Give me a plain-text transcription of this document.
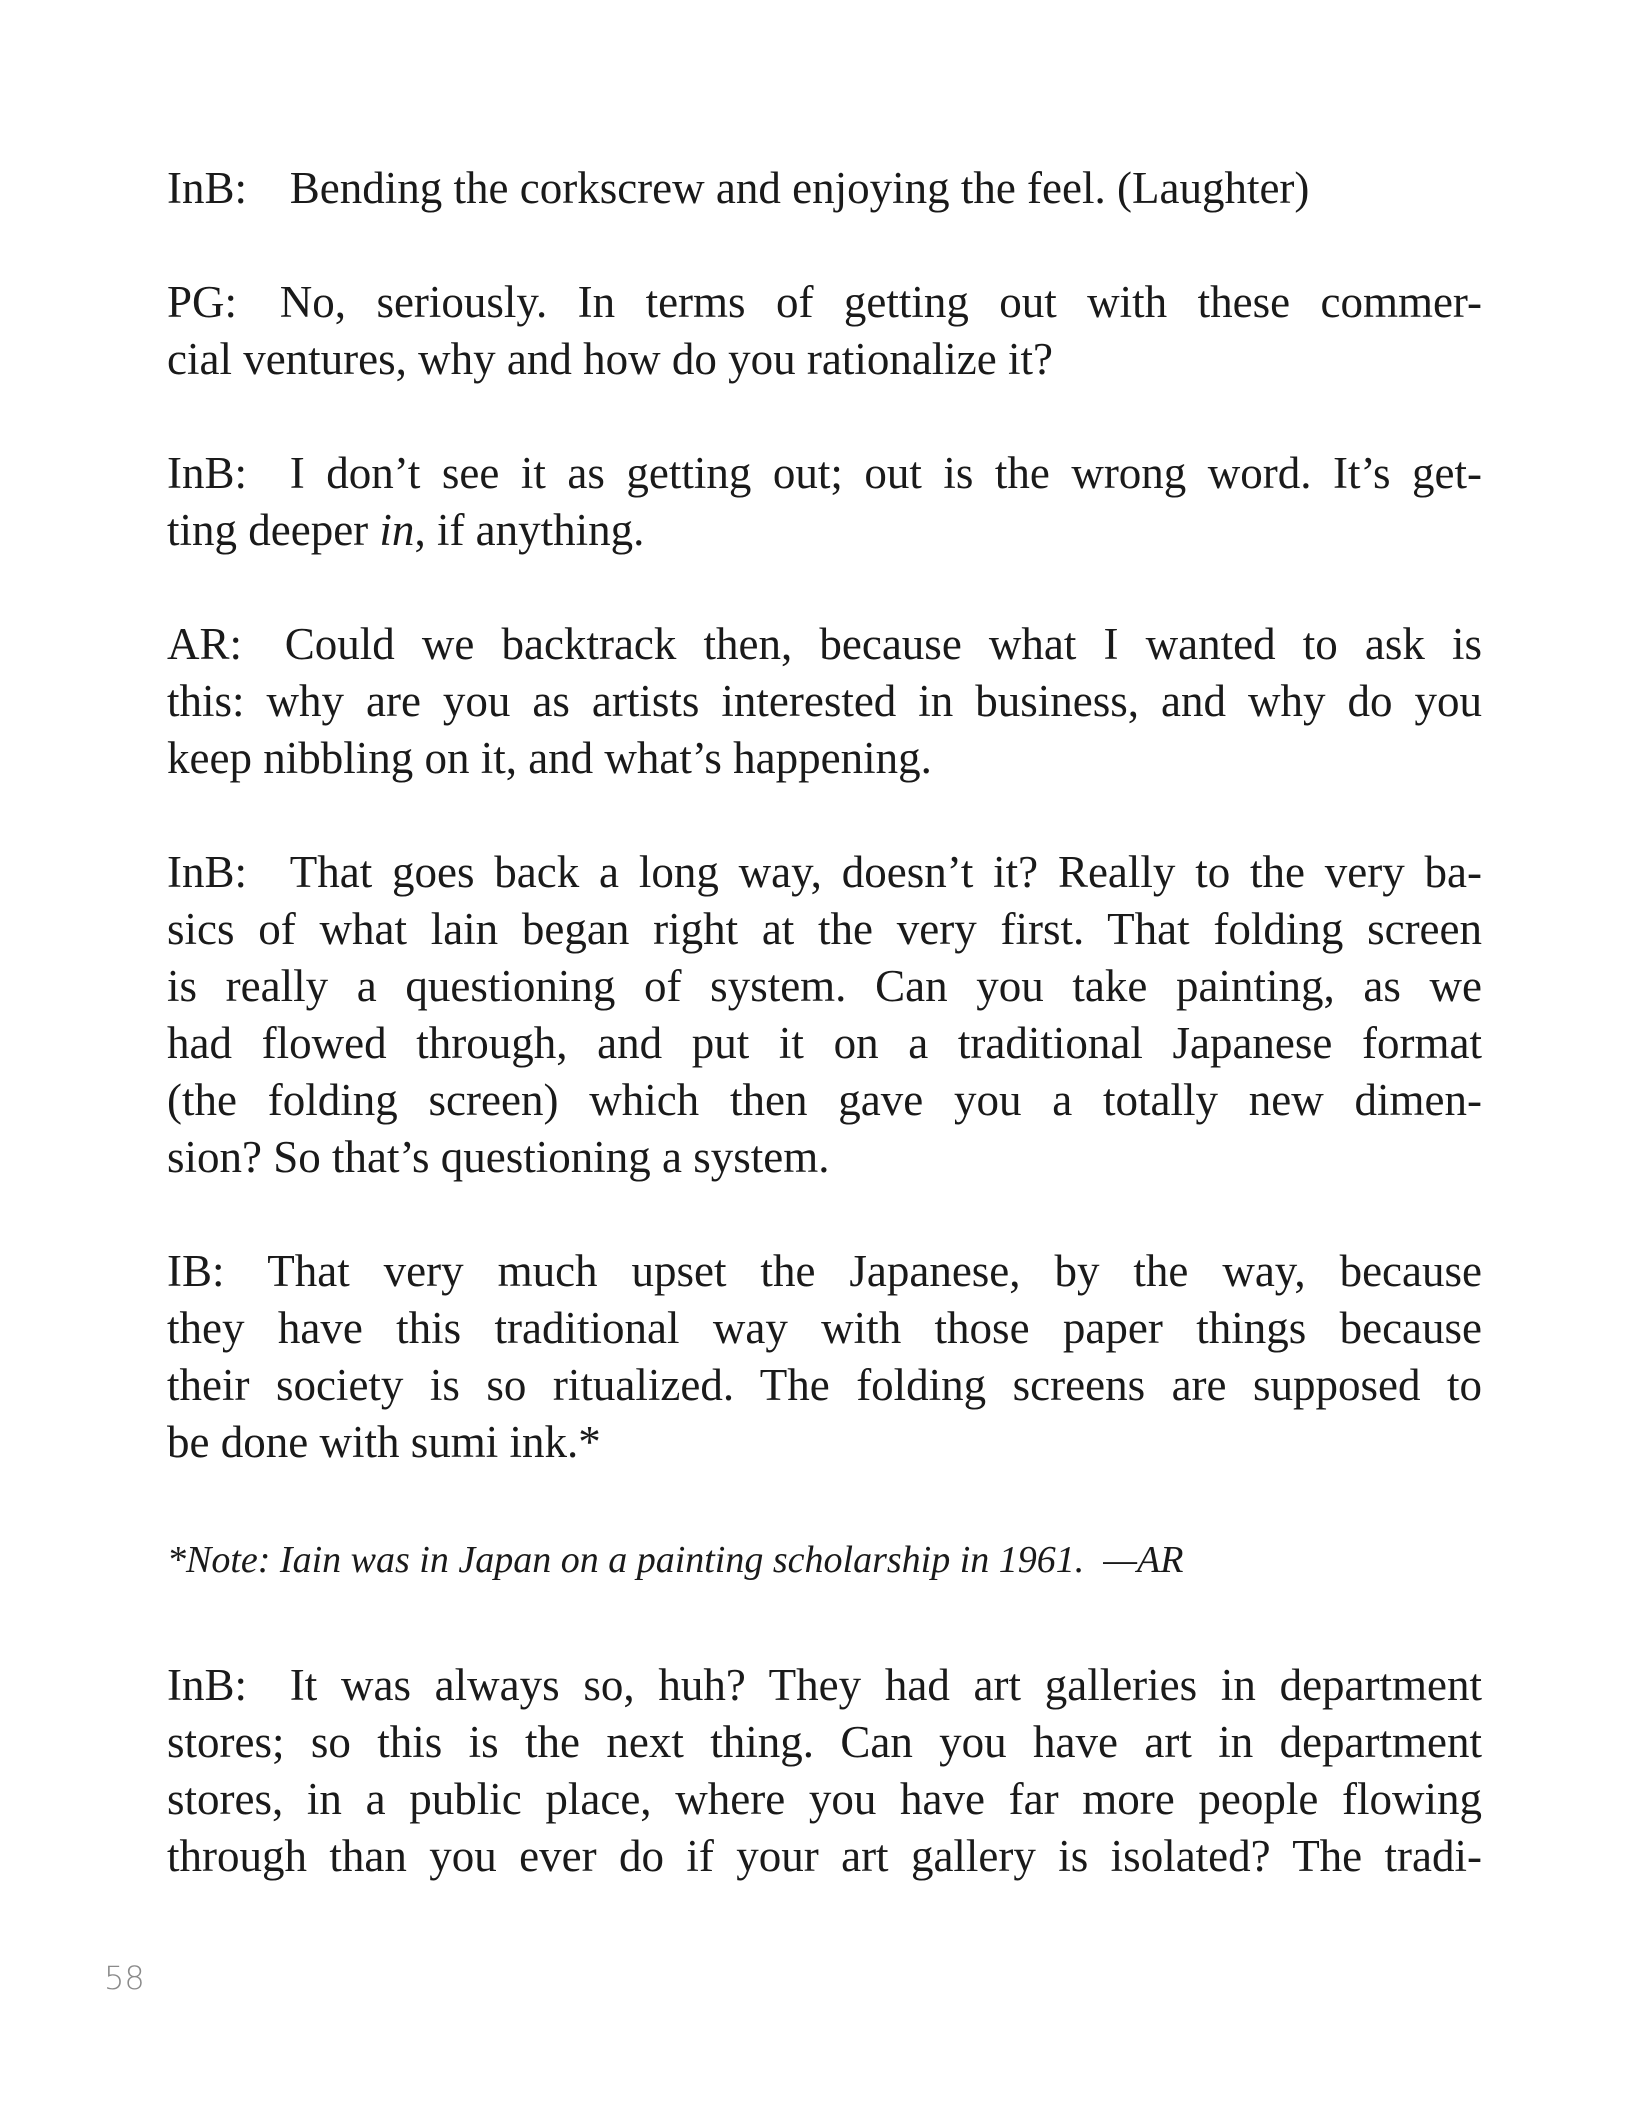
InB: Bending the corkscrew and enjoying the feel. (Laughter)
PG: No, seriously. In terms of getting out with these commer-
cial ventures, why and how do you rationalize it?
InB: I don’t see it as getting out; out is the wrong word. It’s get-
ting deeper in, if anything.
AR: Could we backtrack then, because what I wanted to ask is
this: why are you as artists interested in business, and why do you
keep nibbling on it, and what’s happening.
InB: That goes back a long way, doesn’t it? Really to the very ba-
sics of what lain began right at the very first. That folding screen
is really a questioning of system. Can you take painting, as we
had flowed through, and put it on a traditional Japanese format
(the folding screen) which then gave you a totally new dimen-
sion? So that’s questioning a system.
IB: That very much upset the Japanese, by the way, because
they have this traditional way with those paper things because
their society is so ritualized. The folding screens are supposed to
be done with sumi ink.*
InB: It was always so, huh? They had art galleries in department
stores; so this is the next thing. Can you have art in department
stores, in a public place, where you have far more people flowing
through than you ever do if your art gallery is isolated? The tradi-
*Note: Iain was in Japan on a painting scholarship in 1961.  —AR
58
